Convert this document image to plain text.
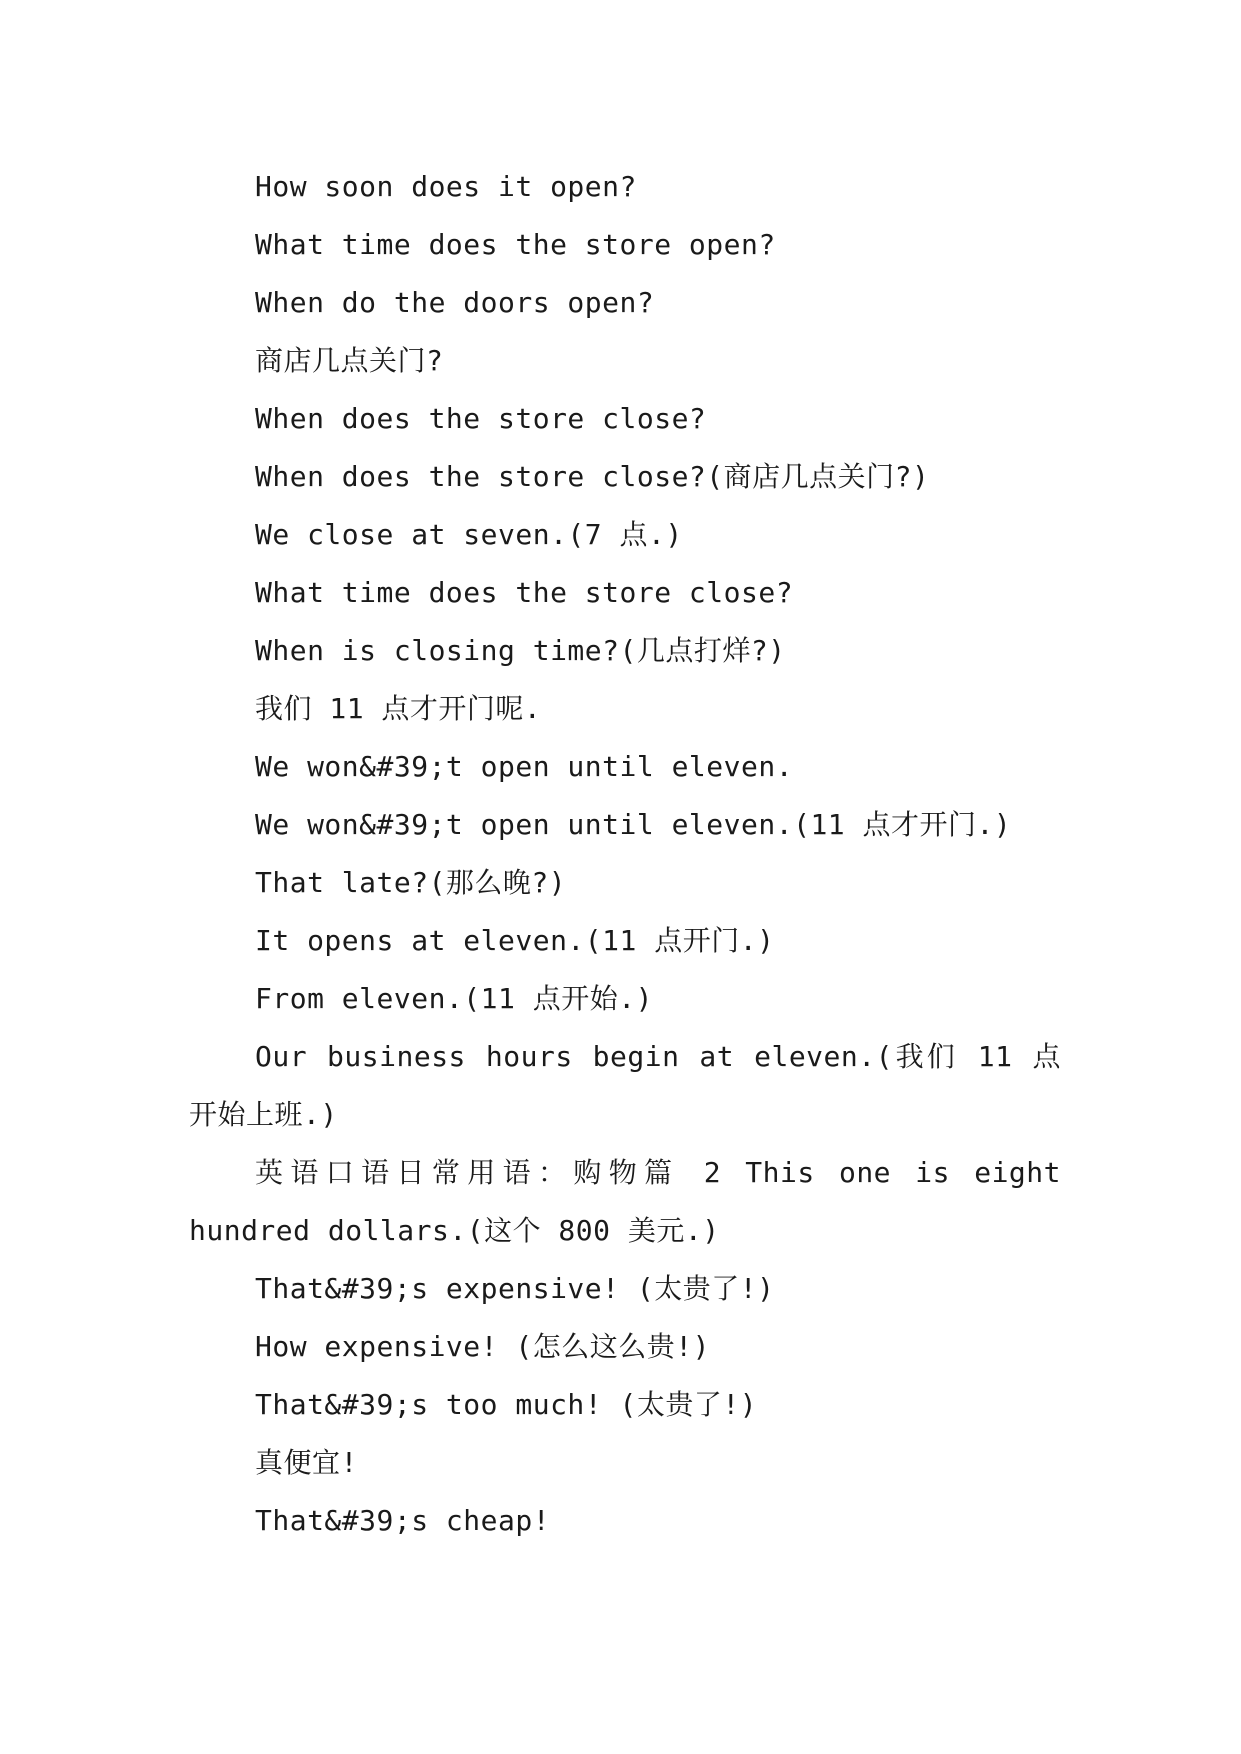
How soon does it open?

What time does the store open?

When do the doors open?

商店几点关门?

When does the store close?

When does the store close?(商店几点关门?)

We close at seven.(7 点.)

What time does the store close?

When is closing time?(几点打烊?)

我们 11 点才开门呢.

We won&#39;t open until eleven.

We won&#39;t open until eleven.(11 点才开门.)

That late?(那么晚?)

It opens at eleven.(11 点开门.)

From eleven.(11 点开始.)

Our business hours begin at eleven.(我们 11 点开始上班.)

英语口语日常用语：购物篇 2 This one is eight hundred dollars.(这个 800 美元.)

That&#39;s expensive! (太贵了!)

How expensive! (怎么这么贵!)

That&#39;s too much! (太贵了!)

真便宜!

That&#39;s cheap!
